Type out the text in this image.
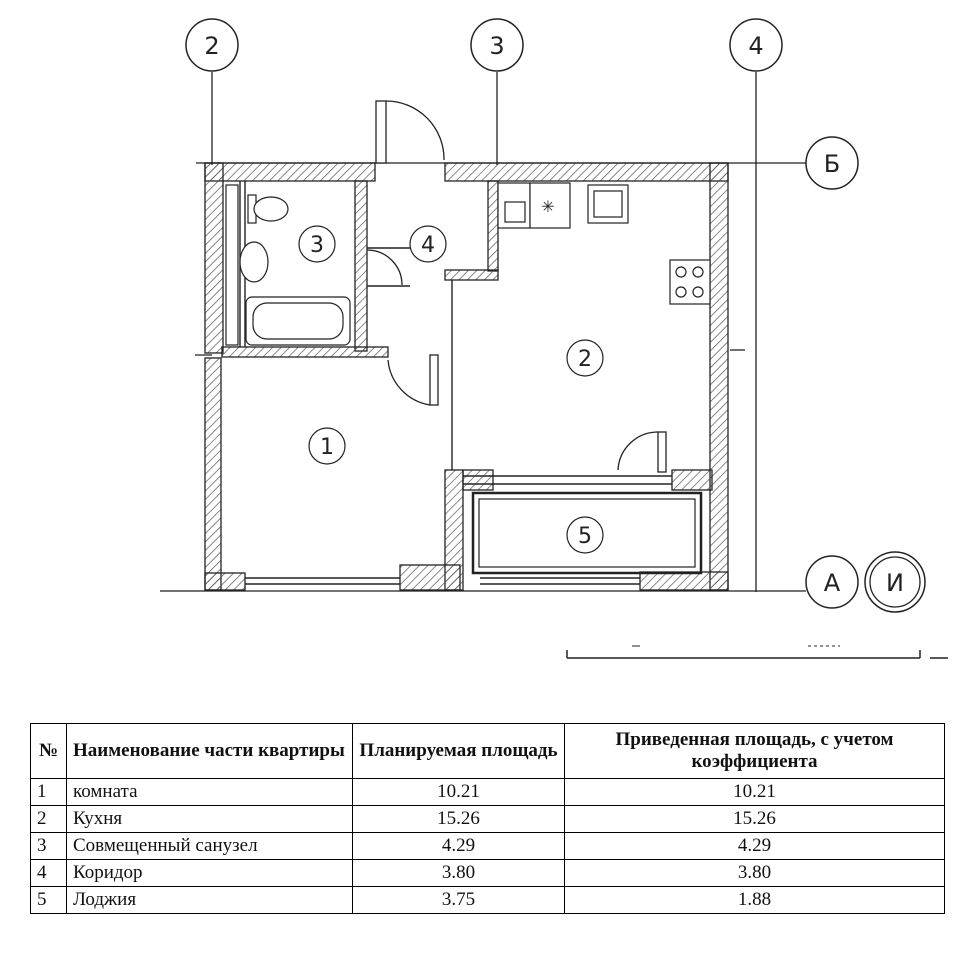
2	3	4
Б
А И
✳
1
2
3	4
5
№	Наименование части квартиры	Планируемая площадь	Приведенная площадь, с учетом коэффициента
1	комната	10.21	10.21
2	Кухня	15.26	15.26
3	Совмещенный санузел	4.29	4.29
4	Коридор	3.80	3.80
5	Лоджия	3.75	1.88
